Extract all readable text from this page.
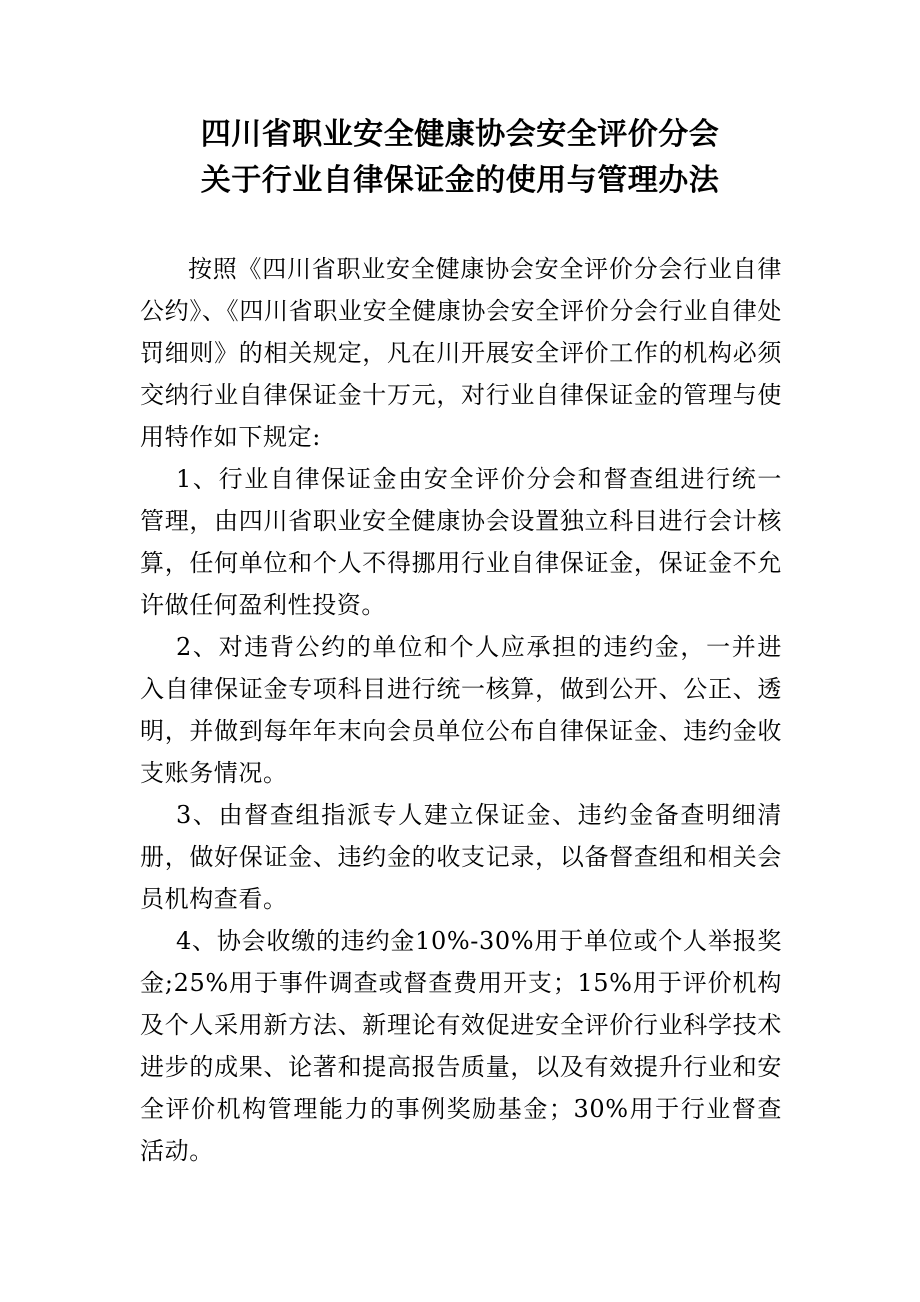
四川省职业安全健康协会安全评价分会
关于行业自律保证金的使用与管理办法

按照《四川省职业安全健康协会安全评价分会行业自律公约》、《四川省职业安全健康协会安全评价分会行业自律处罚细则》的相关规定，凡在川开展安全评价工作的机构必须交纳行业自律保证金十万元，对行业自律保证金的管理与使用特作如下规定:

1、行业自律保证金由安全评价分会和督查组进行统一管理，由四川省职业安全健康协会设置独立科目进行会计核算，任何单位和个人不得挪用行业自律保证金，保证金不允许做任何盈利性投资。

2、对违背公约的单位和个人应承担的违约金，一并进入自律保证金专项科目进行统一核算，做到公开、公正、透明，并做到每年年末向会员单位公布自律保证金、违约金收支账务情况。

3、由督查组指派专人建立保证金、违约金备查明细清册，做好保证金、违约金的收支记录，以备督查组和相关会员机构查看。

4、协会收缴的违约金10%-30%用于单位或个人举报奖金;25%用于事件调查或督查费用开支；15%用于评价机构及个人采用新方法、新理论有效促进安全评价行业科学技术进步的成果、论著和提高报告质量，以及有效提升行业和安全评价机构管理能力的事例奖励基金；30%用于行业督查活动。
